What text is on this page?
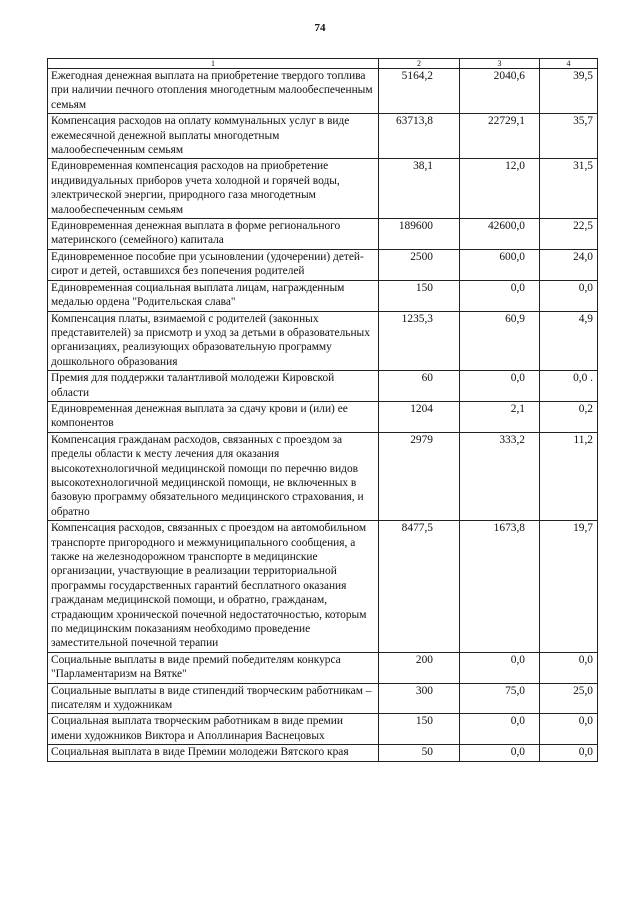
74
1	2	3	4
Ежегодная денежная выплата на приобретение твердого топлива при наличии печного отопления многодетным малообеспеченным семьям	5164,2	2040,6	39,5
Компенсация расходов на оплату коммунальных услуг в виде ежемесячной денежной выплаты многодетным малообеспеченным семьям	63713,8	22729,1	35,7
Единовременная компенсация расходов на приобретение индивидуальных приборов учета холодной и горячей воды, электрической энергии, природного газа многодетным малообеспеченным семьям	38,1	12,0	31,5
Единовременная денежная выплата в форме регионального материнского (семейного) капитала	189600	42600,0	22,5
Единовременное пособие при усыновлении (удочерении) детей-сирот и детей, оставшихся без попечения родителей	2500	600,0	24,0
Единовременная социальная выплата лицам, награжденным медалью ордена "Родительская слава"	150	0,0	0,0
Компенсация платы, взимаемой с родителей (законных представителей) за присмотр и уход за детьми в образовательных организациях, реализующих образовательную программу дошкольного образования	1235,3	60,9	4,9
Премия для поддержки талантливой молодежи Кировской области	60	0,0	0,0 .
Единовременная денежная выплата за сдачу крови и (или) ее компонентов	1204	2,1	0,2
Компенсация гражданам расходов, связанных с проездом за пределы области к месту лечения для оказания высокотехнологичной медицинской помощи по перечню видов высокотехнологичной медицинской помощи, не включенных в базовую программу обязательного медицинского страхования, и обратно	2979	333,2	11,2
Компенсация расходов, связанных с проездом на автомобильном транспорте пригородного и межмуниципального сообщения, а также на железнодорожном транспорте в медицинские организации, участвующие в реализации территориальной программы государственных гарантий бесплатного оказания гражданам медицинской помощи, и обратно, гражданам, страдающим хронической почечной недостаточностью, которым по медицинским показаниям необходимо проведение заместительной почечной терапии	8477,5	1673,8	19,7
Социальные выплаты в виде премий победителям конкурса "Парламентаризм на Вятке"	200	0,0	0,0
Социальные выплаты в виде стипендий творческим работникам – писателям и художникам	300	75,0	25,0
Социальная выплата творческим работникам в виде премии имени художников Виктора и Аполлинария Васнецовых	150	0,0	0,0
Социальная выплата в виде Премии молодежи Вятского края	50	0,0	0,0
